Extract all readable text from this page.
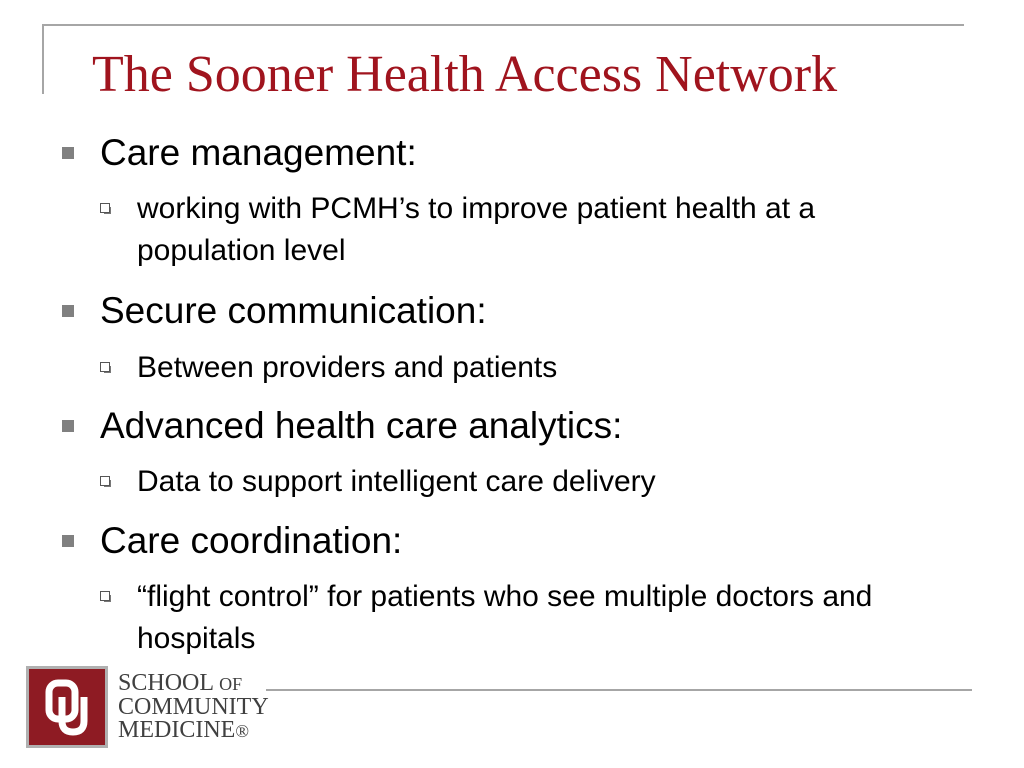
The Sooner Health Access Network
Care management:
working with PCMH’s to improve patient health at a population level
Secure communication:
Between providers and patients
Advanced health care analytics:
Data to support intelligent care delivery
Care coordination:
“flight control” for patients who see multiple doctors and hospitals
SCHOOL OF
COMMUNITY
MEDICINE®
